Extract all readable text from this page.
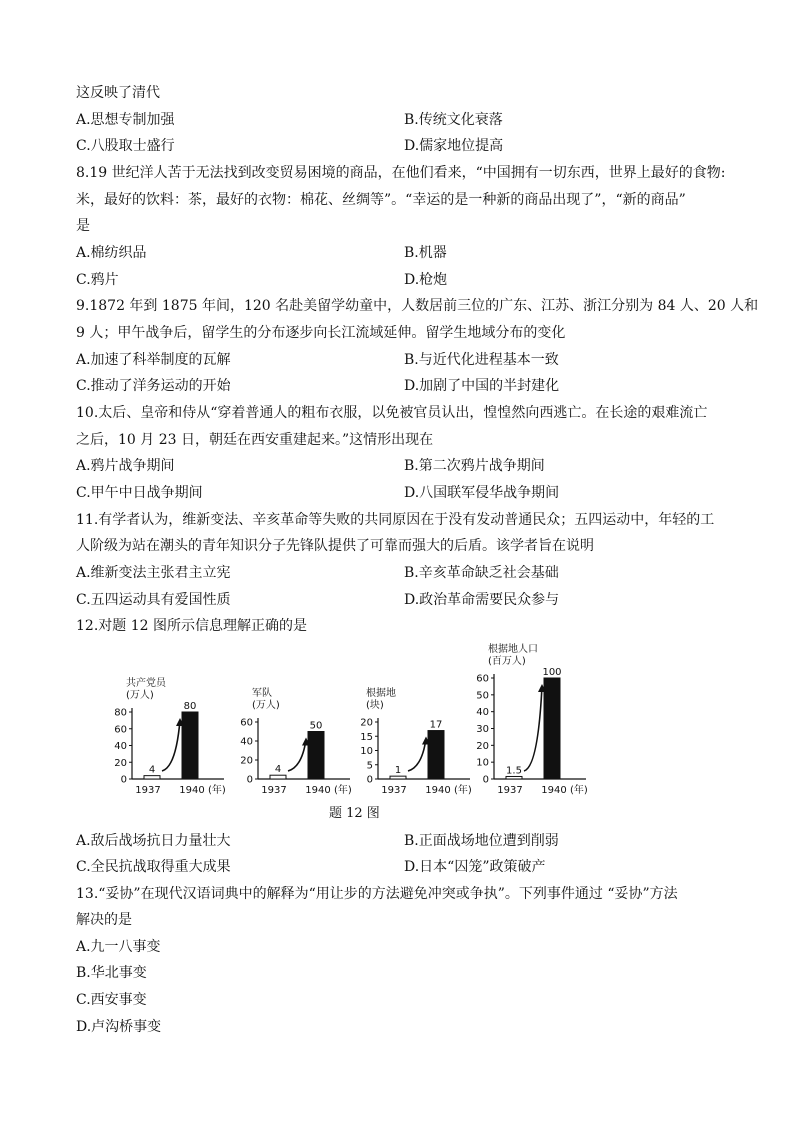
这反映了清代
A.思想专制加强	B.传统文化衰落
C.八股取士盛行	D.儒家地位提高
8.19 世纪洋人苦于无法找到改变贸易困境的商品，在他们看来，“中国拥有一切东西，世界上最好的食物:
米，最好的饮料：茶，最好的衣物：棉花、丝绸等”。“幸运的是一种新的商品出现了”，“新的商品”
是
A.棉纺织品	B.机器
C.鸦片	D.枪炮
9.1872 年到 1875 年间，120 名赴美留学幼童中，人数居前三位的广东、江苏、浙江分别为 84 人、20 人和
9 人；甲午战争后，留学生的分布逐步向长江流域延伸。留学生地域分布的变化
A.加速了科举制度的瓦解	B.与近代化进程基本一致
C.推动了洋务运动的开始	D.加剧了中国的半封建化
10.太后、皇帝和侍从“穿着普通人的粗布衣服，以免被官员认出，惶惶然向西逃亡。在长途的艰难流亡
之后，10 月 23 日，朝廷在西安重建起来。”这情形出现在
A.鸦片战争期间	B.第二次鸦片战争期间
C.甲午中日战争期间	D.八国联军侵华战争期间
11.有学者认为，维新变法、辛亥革命等失败的共同原因在于没有发动普通民众；五四运动中，年轻的工
人阶级为站在潮头的青年知识分子先锋队提供了可靠而强大的后盾。该学者旨在说明
A.维新变法主张君主立宪	B.辛亥革命缺乏社会基础
C.五四运动具有爱国性质	D.政治革命需要民众参与
12.对题 12 图所示信息理解正确的是
共产党员
(万人)
0
20
40
60
80
4
1937
80
1940 (年)
军队
(万人)
0
20
40
60
4
1937
50
1940 (年)
根据地
(块)
0
5
10
15
20
1
1937
17
1940 (年)
根据地人口
(百万人)
0
10
20
30
40
50
60
1.5
1937
100
1940 (年)
题 12 图
A.敌后战场抗日力量壮大	B.正面战场地位遭到削弱
C.全民抗战取得重大成果	D.日本“囚笼”政策破产
13.“妥协”在现代汉语词典中的解释为“用让步的方法避免冲突或争执”。下列事件通过 “妥协”方法
解决的是
A.九一八事变
B.华北事变
C.西安事变
D.卢沟桥事变
